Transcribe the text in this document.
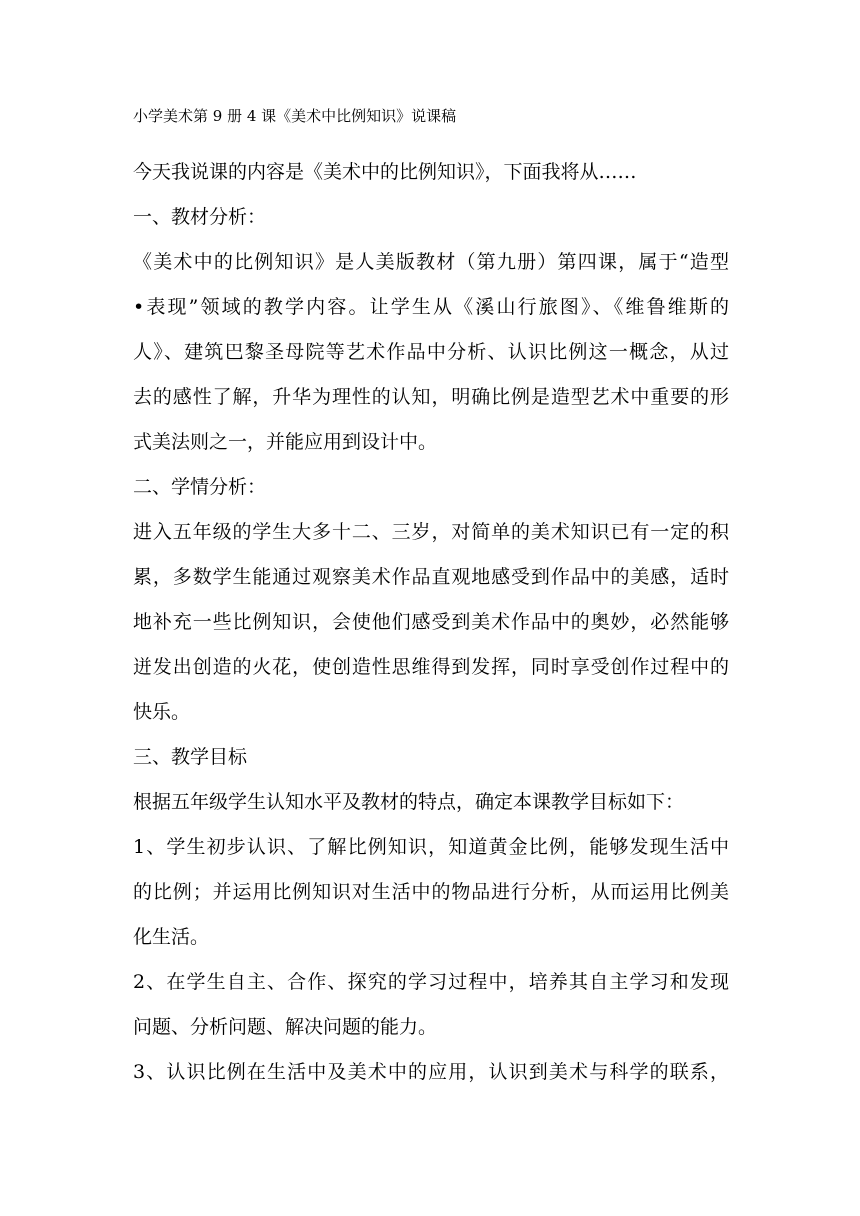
小学美术第 9 册 4 课《美术中比例知识》说课稿
今天我说课的内容是《美术中的比例知识》，下面我将从……
一、教材分析：
《美术中的比例知识》是人美版教材（第九册）第四课，属于“造型
•表现”领域的教学内容。让学生从《溪山行旅图》、《维鲁维斯的
人》、建筑巴黎圣母院等艺术作品中分析、认识比例这一概念，从过
去的感性了解，升华为理性的认知，明确比例是造型艺术中重要的形
式美法则之一，并能应用到设计中。
二、学情分析：
进入五年级的学生大多十二、三岁，对简单的美术知识已有一定的积
累，多数学生能通过观察美术作品直观地感受到作品中的美感，适时
地补充一些比例知识，会使他们感受到美术作品中的奥妙，必然能够
迸发出创造的火花，使创造性思维得到发挥，同时享受创作过程中的
快乐。
三、教学目标
根据五年级学生认知水平及教材的特点，确定本课教学目标如下：
1、学生初步认识、了解比例知识，知道黄金比例，能够发现生活中
的比例；并运用比例知识对生活中的物品进行分析，从而运用比例美
化生活。
2、在学生自主、合作、探究的学习过程中，培养其自主学习和发现
问题、分析问题、解决问题的能力。
3、认识比例在生活中及美术中的应用，认识到美术与科学的联系，
